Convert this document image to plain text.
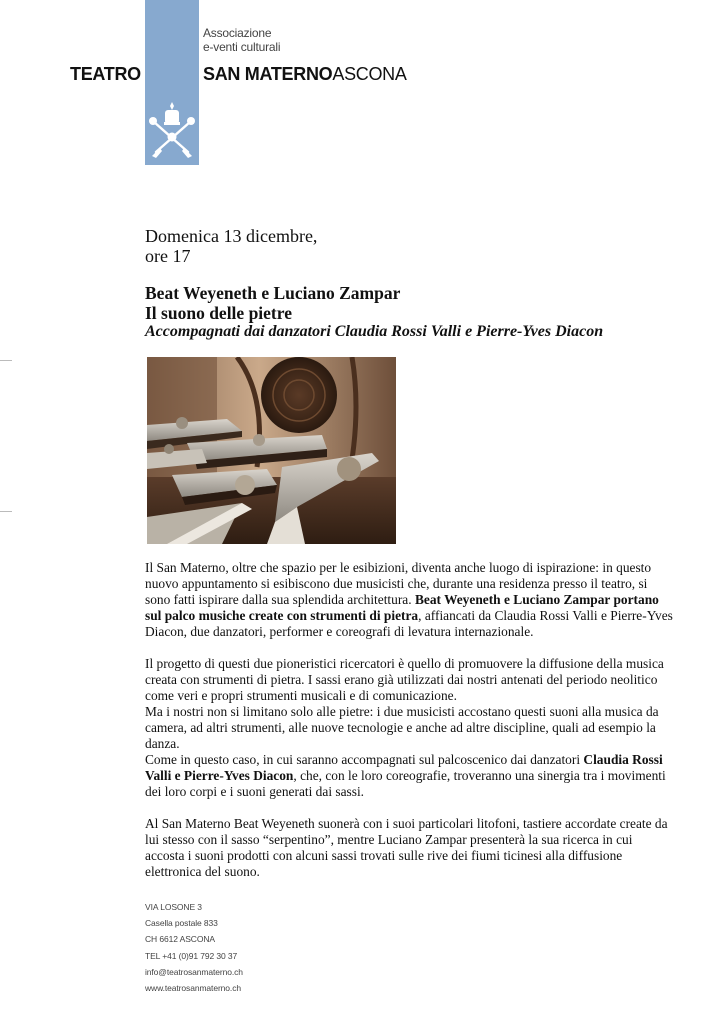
Associazione
e-venti culturali
TEATRO	SAN MATERNOASCONA
Domenica 13 dicembre,
ore 17
Beat Weyeneth e Luciano Zampar
Il suono delle pietre
Accompagnati dai danzatori Claudia Rossi Valli e Pierre-Yves Diacon

Il San Materno, oltre che spazio per le esibizioni, diventa anche luogo di ispirazione: in questo nuovo appuntamento si esibiscono due musicisti che, durante una residenza presso il teatro, si sono fatti ispirare dalla sua splendida architettura. Beat Weyeneth e Luciano Zampar portano sul palco musiche create con strumenti di pietra, affiancati da Claudia Rossi Valli e Pierre-Yves Diacon, due danzatori, performer e coreografi di levatura internazionale.

Il progetto di questi due pioneristici ricercatori è quello di promuovere la diffusione della musica creata con strumenti di pietra. I sassi erano già utilizzati dai nostri antenati del periodo neolitico come veri e propri strumenti musicali e di comunicazione.

Ma i nostri non si limitano solo alle pietre: i due musicisti accostano questi suoni alla musica da camera, ad altri strumenti, alle nuove tecnologie e anche ad altre discipline, quali ad esempio la danza.

Come in questo caso, in cui saranno accompagnati sul palcoscenico dai danzatori Claudia Rossi Valli e Pierre-Yves Diacon, che, con le loro coreografie, troveranno una sinergia tra i movimenti dei loro corpi e i suoni generati dai sassi.

Al San Materno Beat Weyeneth suonerà con i suoi particolari litofoni, tastiere accordate create da lui stesso con il sasso “serpentino”, mentre Luciano Zampar presenterà la sua ricerca in cui accosta i suoni prodotti con alcuni sassi trovati sulle rive dei fiumi ticinesi alla diffusione elettronica del suono.

VIA LOSONE 3
Casella postale 833
CH 6612 ASCONA
TEL +41 (0)91 792 30 37
info@teatrosanmaterno.ch
www.teatrosanmaterno.ch
